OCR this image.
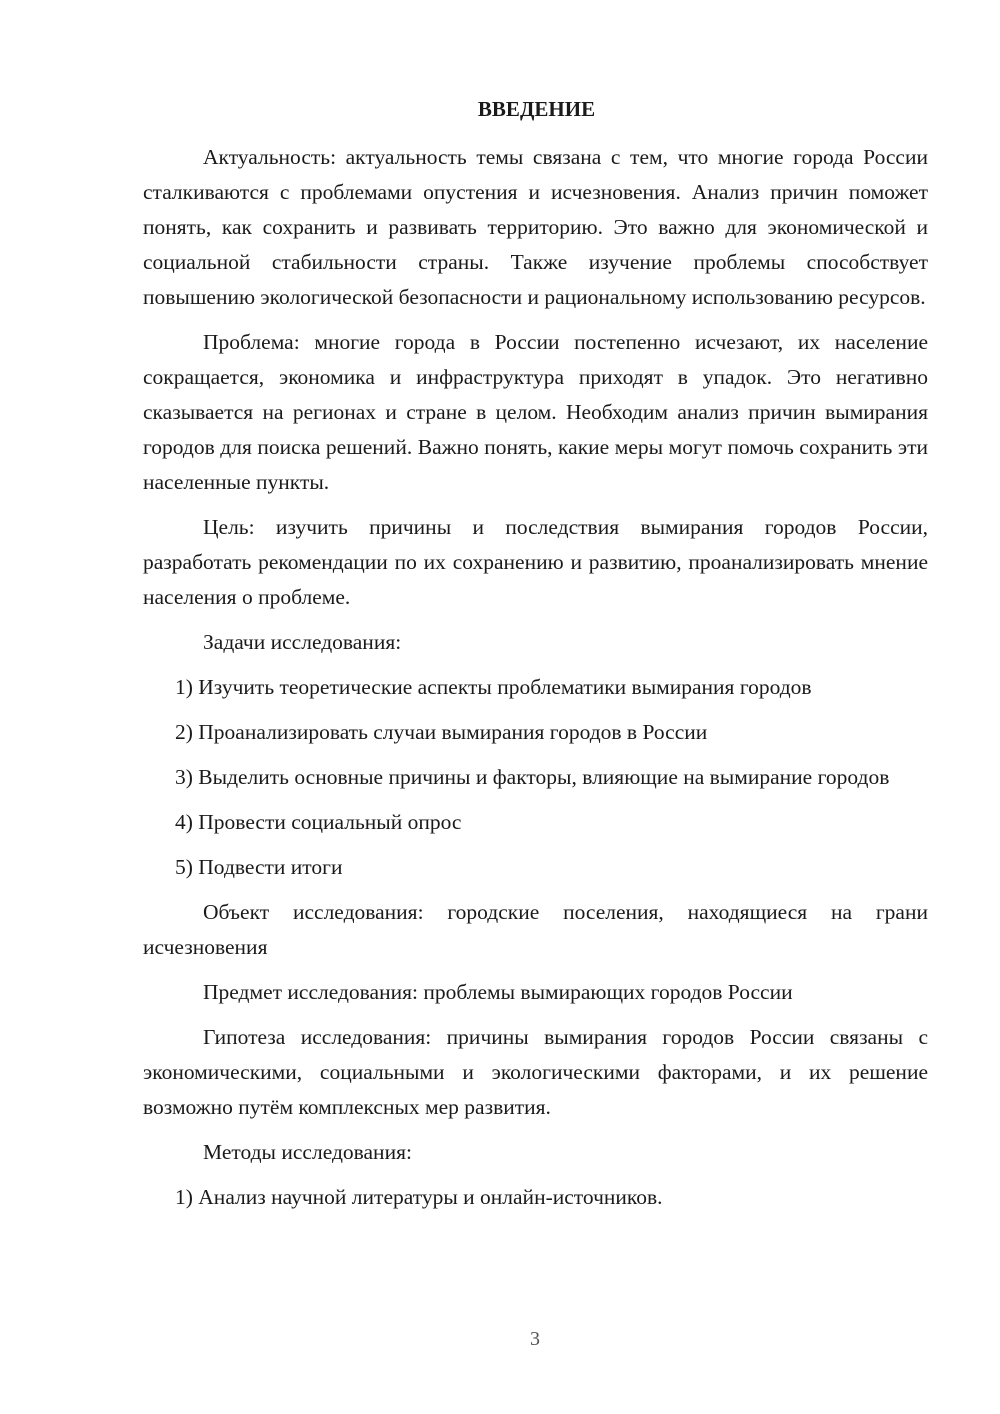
ВВЕДЕНИЕ

Актуальность: актуальность темы связана с тем, что многие города России сталкиваются с проблемами опустения и исчезновения. Анализ причин поможет понять, как сохранить и развивать территорию. Это важно для экономической и социальной стабильности страны. Также изучение проблемы способствует повышению экологической безопасности и рациональному использованию ресурсов.

Проблема: многие города в России постепенно исчезают, их население сокращается, экономика и инфраструктура приходят в упадок. Это негативно сказывается на регионах и стране в целом. Необходим анализ причин вымирания городов для поиска решений. Важно понять, какие меры могут помочь сохранить эти населенные пункты.

Цель: изучить причины и последствия вымирания городов России, разработать рекомендации по их сохранению и развитию, проанализировать мнение населения о проблеме.

Задачи исследования:

1) Изучить теоретические аспекты проблематики вымирания городов

2) Проанализировать случаи вымирания городов в России

3) Выделить основные причины и факторы, влияющие на вымирание городов

4) Провести социальный опрос

5) Подвести итоги

Объект исследования: городские поселения, находящиеся на грани исчезновения

Предмет исследования: проблемы вымирающих городов России

Гипотеза исследования: причины вымирания городов России связаны с экономическими, социальными и экологическими факторами, и их решение возможно путём комплексных мер развития.

Методы исследования:

1) Анализ научной литературы и онлайн-источников.

3
